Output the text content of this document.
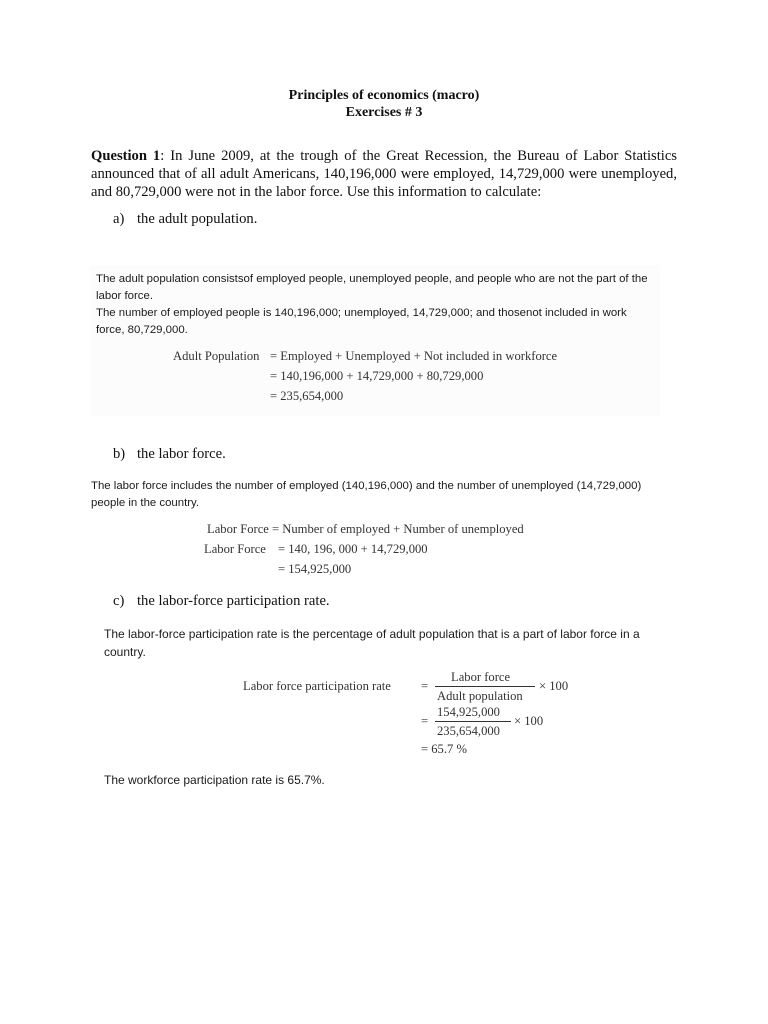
Principles of economics (macro)
Exercises # 3
Question 1: In June 2009, at the trough of the Great Recession, the Bureau of Labor Statistics announced that of all adult Americans, 140,196,000 were employed, 14,729,000 were unemployed, and 80,729,000 were not in the labor force. Use this information to calculate:
a) the adult population.
The adult population consistsof employed people, unemployed people, and people who are not the part of the
labor force.
The number of employed people is 140,196,000; unemployed, 14,729,000; and thosenot included in work
force, 80,729,000.
Adult Population = Employed + Unemployed + Not included in workforce
= 140,196,000 + 14,729,000 + 80,729,000
= 235,654,000
b) the labor force.
The labor force includes the number of employed (140,196,000) and the number of unemployed (14,729,000)
people in the country.
Labor Force = Number of employed + Number of unemployed
Labor Force = 140, 196, 000 + 14,729,000
= 154,925,000
c) the labor-force participation rate.
The labor-force participation rate is the percentage of adult population that is a part of labor force in a
country.
Labor force participation rate =
Labor force
Adult population
× 100
=
154,925,000
235,654,000
× 100
= 65.7 %
The workforce participation rate is 65.7%.
